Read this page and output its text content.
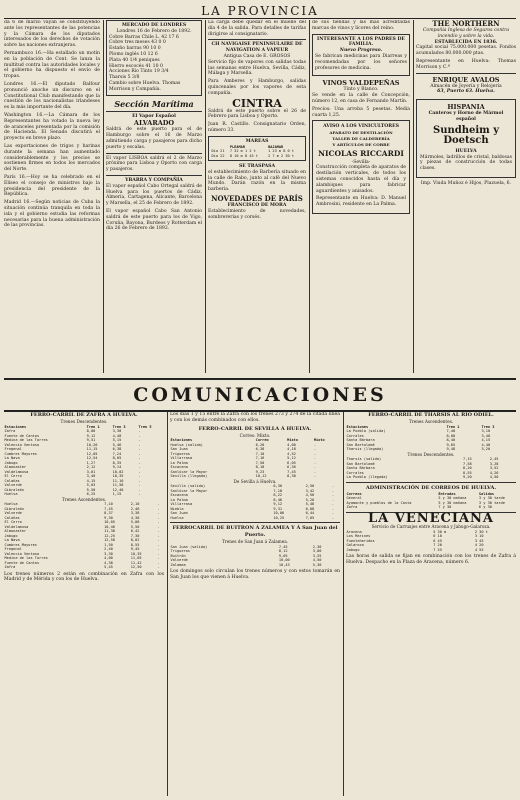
LA PROVINCIA

da 6 de marzo vayan se constituyendo ante los representantes de las potencias y la Cámara de los diputados interesados de los derechos de votación sobre las naciones extranjeras.

Pernambuco 16.—Ha estallado un motín en la población de Cont. Se lanza la multitud contra las autoridades locales y el gobierno ha dispuesto el envío de tropas.

Londres 16.—El diputado Balfour pronunció anoche un discurso en el Constitutional Club manifestando que la cuestión de los nacionalistas irlandeses es la más importante del día.

Washington 16.—La Cámara de los Representantes ha votado la nueva ley de aranceles presentada por la comisión de Hacienda. El Senado discutirá el proyecto en breve plazo.

Las exportaciones de trigos y harinas durante la semana han aumentado considerablemente y los precios se sostienen firmes en todos los mercados del Norte.

París 16.—Hoy se ha celebrado en el Elíseo el consejo de ministros bajo la presidencia del presidente de la República.

Madrid 16.—Según noticias de Cuba la situación continúa tranquila en toda la isla y el gobierno estudia las reformas necesarias para la buena administración de las provincias.

MERCADO DE LONDRES
Londres 16 de Febrero de 1892.
Cobre Barras Chile L. 42 17 6
Cobre tres meses 43 0 0
Estaño barras 90 10 0
Plomo inglés 10 12 6
Plata 40 1/4 peniques
Hierro escocés 41 10 0
Acciones Río Tinto 19 3/4
Tharsis 5 3/8
Cambio sobre Huelva. Thomas Morrison y Compañía.
Sección Marítima
El Vapor Español
ALVARADO

Saldrá de este puerto para el de Hamburgo sobre el 16 de Marzo admitiendo carga y pasajeros para dicho puerto y escalas.

El vapor LISBOA saldrá el 2 de Marzo próximo para Lisboa y Oporto con carga y pasajeros.

YBARRA Y COMPAÑÍA

El vapor español Cabo Ortegal saldrá de Huelva para los puertos de Cádiz, Almería, Cartagena, Alicante, Barcelona y Marsella, el 25 de Febrero de 1892.

El vapor español Cabo San Antonio saldrá de este puerto para los de Vigo, Coruña, Bayona, Burdeos y Rotterdam el día 26 de Febrero de 1892.

La carga debe quedar en el muelle del día 4 de la salida. Para detalles de tarifas dirigirse al consignatario.

CH NAVIGAISE PENINSULAIRE DE NAVIGATION A VAPEUR
Antigua Casa de E. GROSOS

Servicio fijo de vapores con salidas todas las semanas entre Huelva, Sevilla, Cádiz, Málaga y Marsella.

Para Amberes y Hamburgo, salidas quincenales por los vapores de esta compañía.

CINTRA

Saldrá de este puerto sobre el 26 de Febrero para Lisboa y Oporto.

Juan R. Castillo. Consignatario Orden, número 33.

MAREAS
	PLEAMAR	BAJAMAR
Día 21	7 32 m 1 2 t	1 23 m 8 0 t
Día 22	8 16 m 8 45 t	2 7 m 2 30 t
SE TRASPASA

el establecimiento de Barbería situado en la calle de Rabo, junto al café del Nuevo Mundo. Darán razón en la misma barbería.

NOVEDADES DE PARÍS
FRANCISCO DE MORA

Establecimiento de novedades, sombrererías y corsés.

de sus tiendas y las más acreditadas marcas de vinos y licores del reino.

INTERESANTE A LOS PADRES DE FAMILIA.
Nuevo Progreso.

Se fabrican medicinas para Diarreas y recomendadas por los señores profesores de medicina.

VINOS VALDEPEÑAS
Tinto y Blanco.

Se vende en la calle de Concepción, número 12, en casa de Fernando Martín.

Precios: Una arroba 5 pesetas. Media cuarta 1,25.

AVISO A LOS VINICULTORES
APARATO DE DESTILACIÓN
TALLER DE CALDERERÍA
Y ARTÍCULOS DE COBRE
NICOLAS RICCARDI
-Sevilla-

Construcción completa de aparatos de destilación verticales, de todos los sistemas conocidos hasta el día y alambiques para fabricar aguardientes y anisados.

Representante en Huelva: D. Manuel Ambrosini, residente en La Palma.

THE NORTHERN
Compañía Inglesa de Seguros contra incendio y sobre la vida.
ESTABLECIDA EN 1836.

Capital social 75.000.000 pesetas. Fondos acumulados 80.000.000 ptas.

Representante en Huelva: Thomas Morrison y C.ª

ENRIQUE AVALOS
Almacén de Joyería y Relojería
63, Puerto 63. Huelva.
HISPANIA
Canteros y Horno de Mármol español
Sundheim y Doetsch
HUELVA

Mármoles, ladrillos de cristal, baldosas y piezas de construcción de todas clases.

Imp. Viuda Muñoz é Hijos, Plazuela, 6.
COMUNICACIONES
FERRO-CARRIL DE ZAFRA A HUELVA.
Trenes Descendentes.
Estaciones	Tren 1	Tren 3	Tren 5
Zafra	8,00	3,30	-
Fuente de Cantos	9,12	4,40	-
Medina de las Torres	9,51	5,15	-
Valencia Ventoso	10,20	5,46	-
Fregenal	11,15	6,38	-
Cumbres Mayores	12,05	7,24	-
La Nava	12,54	8,05	-
Jabugo	1,27	8,35	-
Almonaster	2,12	9,14	-
Valdelamusa	3,01	10,02	-
El Cerro	3,40	10,35	-
Calañas	4,15	11,10	-
Valverde	5,03	11,58	-
Gibraleón	5,50	12,40	-
Huelva	6,25	1,15	-
Trenes Ascendentes.
Huelva	7,10	2,10	-
Gibraleón	7,45	2,46	-
Valverde	8,37	3,38	-
Calañas	9,30	4,30	-
El Cerro	10,05	5,08	-
Valdelamusa	10,46	5,50	-
Almonaster	11,38	6,42	-
Jabugo	12,25	7,30	-
La Nava	12,58	8,02	-
Cumbres Mayores	1,50	8,55	-
Fregenal	2,40	9,45	-
Valencia Ventoso	3,30	10,35	-
Medina de las Torres	4,00	11,05	-
Fuente de Cantos	4,38	11,42	-
Zafra	5,45	12,50	-

Los trenes números 2 están en combinación en Zafra con los Madrid y de Mérida y con los de Huelva.

Los días 1 y 15 entre la Zafra con los trenes 273 y 274 de la citada línea y con los demás combinados con ellos.

FERRO-CARRIL DE SEVILLA Á HUELVA.
Correo. Mixto.
Estaciones	Correo	Mixto	Mixto
Huelva (salida)	6,20	4,00	-
San Juan	6,38	4,18	-
Trigueros	7,10	4,52	-
Villarrasa	7,16	5,12	-
La Palma	7,50	6,05	-
Escacena	8,18	6,36	-
Sanlúcar la Mayor	9,23	7,45	-
Sevilla (llegada)	10,12	8,38	-
De Sevilla á Huelva.
Sevilla (salida)	6,30	2,50	-
Sanlúcar la Mayor	7,18	3,42	-
Escacena	8,22	4,50	-
La Palma	8,46	5,20	-
Villarrasa	9,12	5,48	-
Niebla	9,31	6,08	-
San Juan	10,06	6,44	-
Huelva	10,25	7,05	-
FERROCARRIL DE BUITRON Á ZALAMEA Y Á San Juan del Puerto.
Trenes de San Juan á Zalamea.
San Juan (salida)	7,45	2,30
Trigueros	8,12	3,00
Buitrón	9,05	3,55
Valverde	10,00	4,50
Zalamea	10,43	5,30

Los domingos solo circulan los trenes números y con estos tomarán en San Juan los que vienen á Huelva.

FERRO-CARRIL DE THARSIS AL RIO ODIEL.
Trenes Ascendentes.
Estaciones	Tren 1	Tren 3
La Puebla (salida)	7,40	3,10
Corrales	8,08	3,40
Santa Bárbara	8,40	4,15
San Bartolomé	9,05	4,40
Tharsis (llegada)	9,48	5,20
Trenes Descendentes.
Tharsis (salida)	7,15	2,45
San Bartolomé	7,58	3,28
Santa Bárbara	8,20	3,52
Corrales	8,55	4,26
La Puebla (llegada)	9,20	4,50
ADMINISTRACIÓN DE CORREOS DE HUELVA.
Correos	Entradas	Salidas
General	5 y 30 mañana	3 y 30 tarde
Ayamonte y pueblos de la Costa	5 y 30 mañana	3 y 30 tarde
Zafra	7 y 30	6 y 30
LA VENECIANA
Servicio de Carruajes entre Aracena y Jabugo-Galaroza.
Aracena	5 30 m	2 30 t
Los Marines	6 10	3 10
Fuenteheridos	6 45	3 45
Galaroza	7 20	4 20
Jabugo	7 55	4 55

Las horas de salida se fijan en combinación con los trenes de Zafra á Huelva. Despacho en la Plaza de Aracena, número 6.
